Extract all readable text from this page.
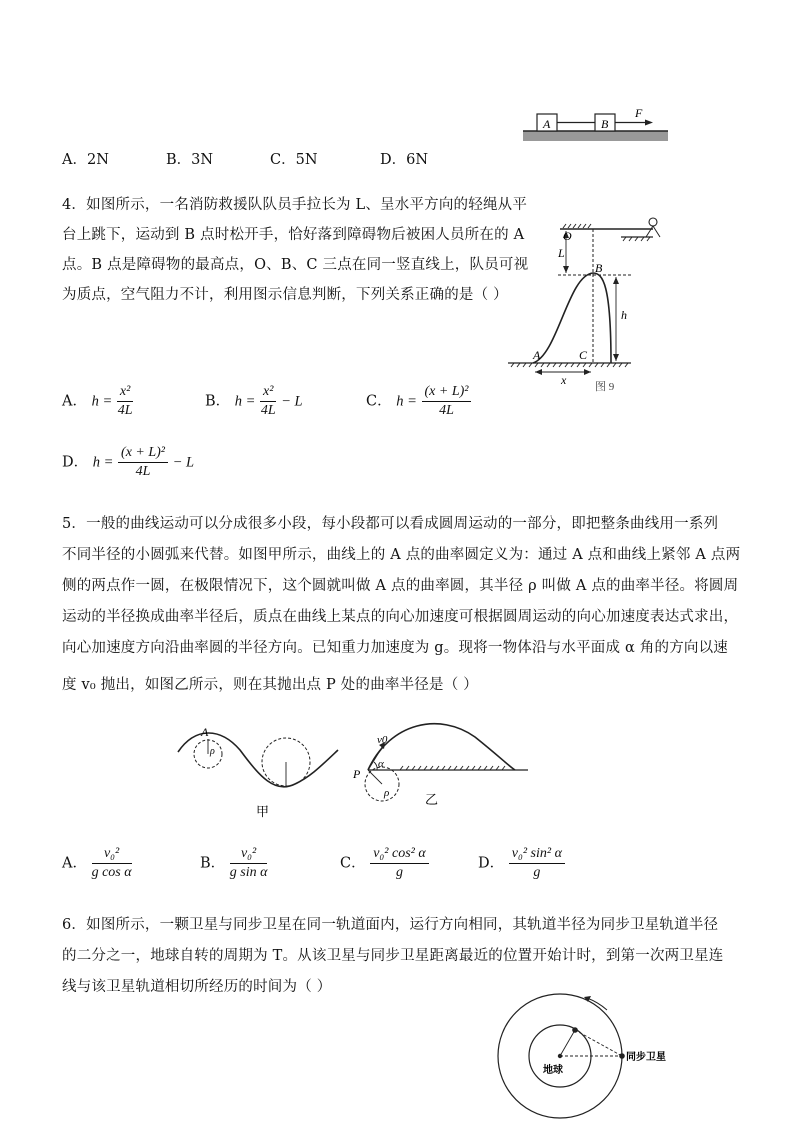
A	B
F
A．2N	B．3N	C．5N	D．6N
4．如图所示，一名消防救援队队员手拉长为 L、呈水平方向的轻绳从平
台上跳下，运动到 B 点时松开手，恰好落到障碍物后被困人员所在的 A
点。B 点是障碍物的最高点，O、B、C 三点在同一竖直线上，队员可视
为质点，空气阻力不计，利用图示信息判断，下列关系正确的是（ ）
O
L
B
h
A	C
x	图 9
A． $h = \frac{\text{x²}}{4L}$	B． $h = \frac{\text{x²}}{4L} - L$	C． $h = \frac{\text{(x + L)²}}{4L}$
D． $h = \frac{\text{(x + L)²}}{4L} - L$
5．一般的曲线运动可以分成很多小段，每小段都可以看成圆周运动的一部分，即把整条曲线用一系列
不同半径的小圆弧来代替。如图甲所示，曲线上的 A 点的曲率圆定义为：通过 A 点和曲线上紧邻 A 点两
侧的两点作一圆，在极限情况下，这个圆就叫做 A 点的曲率圆，其半径 ρ 叫做 A 点的曲率半径。将圆周
运动的半径换成曲率半径后，质点在曲线上某点的向心加速度可根据圆周运动的向心加速度表达式求出，
向心加速度方向沿曲率圆的半径方向。已知重力加速度为 g。现将一物体沿与水平面成 α 角的方向以速
度 v₀ 抛出，如图乙所示，则在其抛出点 P 处的曲率半径是（ ）
A
ρ
甲
v0
P
α
ρ	乙
A． $\frac{\text{v₀²}}{\text{g cos α}}$	B． $\frac{\text{v₀²}}{\text{g sin α}}$	C． $\frac{\text{v₀² cos² α}}{g}$	D． $\frac{\text{v₀² sin² α}}{g}$
6．如图所示，一颗卫星与同步卫星在同一轨道面内，运行方向相同，其轨道半径为同步卫星轨道半径
的二分之一，地球自转的周期为 T。从该卫星与同步卫星距离最近的位置开始计时，到第一次两卫星连
线与该卫星轨道相切所经历的时间为（ ）
地球
同步卫星
